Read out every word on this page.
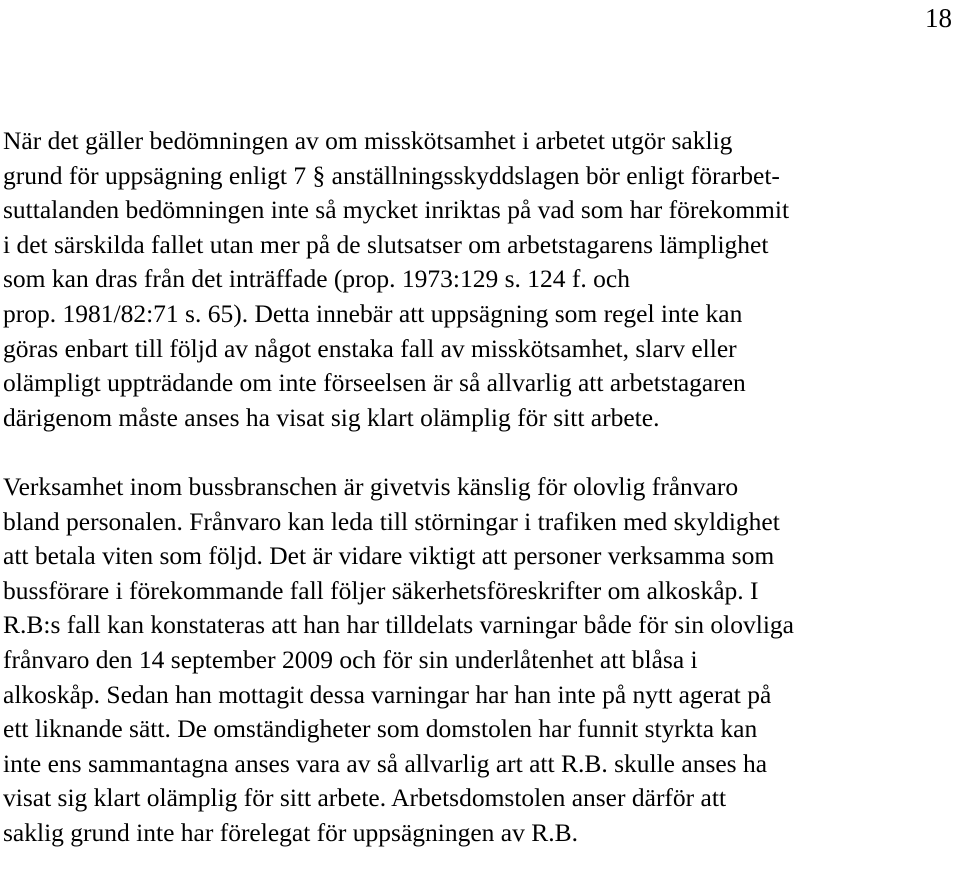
18
När det gäller bedömningen av om misskötsamhet i arbetet utgör saklig
grund för uppsägning enligt 7 § anställningsskyddslagen bör enligt förarbet-
suttalanden bedömningen inte så mycket inriktas på vad som har förekommit
i det särskilda fallet utan mer på de slutsatser om arbetstagarens lämplighet
som kan dras från det inträffade (prop. 1973:129 s. 124 f. och
prop. 1981/82:71 s. 65). Detta innebär att uppsägning som regel inte kan
göras enbart till följd av något enstaka fall av misskötsamhet, slarv eller
olämpligt uppträdande om inte förseelsen är så allvarlig att arbetstagaren
därigenom måste anses ha visat sig klart olämplig för sitt arbete.
Verksamhet inom bussbranschen är givetvis känslig för olovlig frånvaro
bland personalen. Frånvaro kan leda till störningar i trafiken med skyldighet
att betala viten som följd. Det är vidare viktigt att personer verksamma som
bussförare i förekommande fall följer säkerhetsföreskrifter om alkoskåp. I
R.B:s fall kan konstateras att han har tilldelats varningar både för sin olovliga
frånvaro den 14 september 2009 och för sin underlåtenhet att blåsa i
alkoskåp. Sedan han mottagit dessa varningar har han inte på nytt agerat på
ett liknande sätt. De omständigheter som domstolen har funnit styrkta kan
inte ens sammantagna anses vara av så allvarlig art att R.B. skulle anses ha
visat sig klart olämplig för sitt arbete. Arbetsdomstolen anser därför att
saklig grund inte har förelegat för uppsägningen av R.B.
